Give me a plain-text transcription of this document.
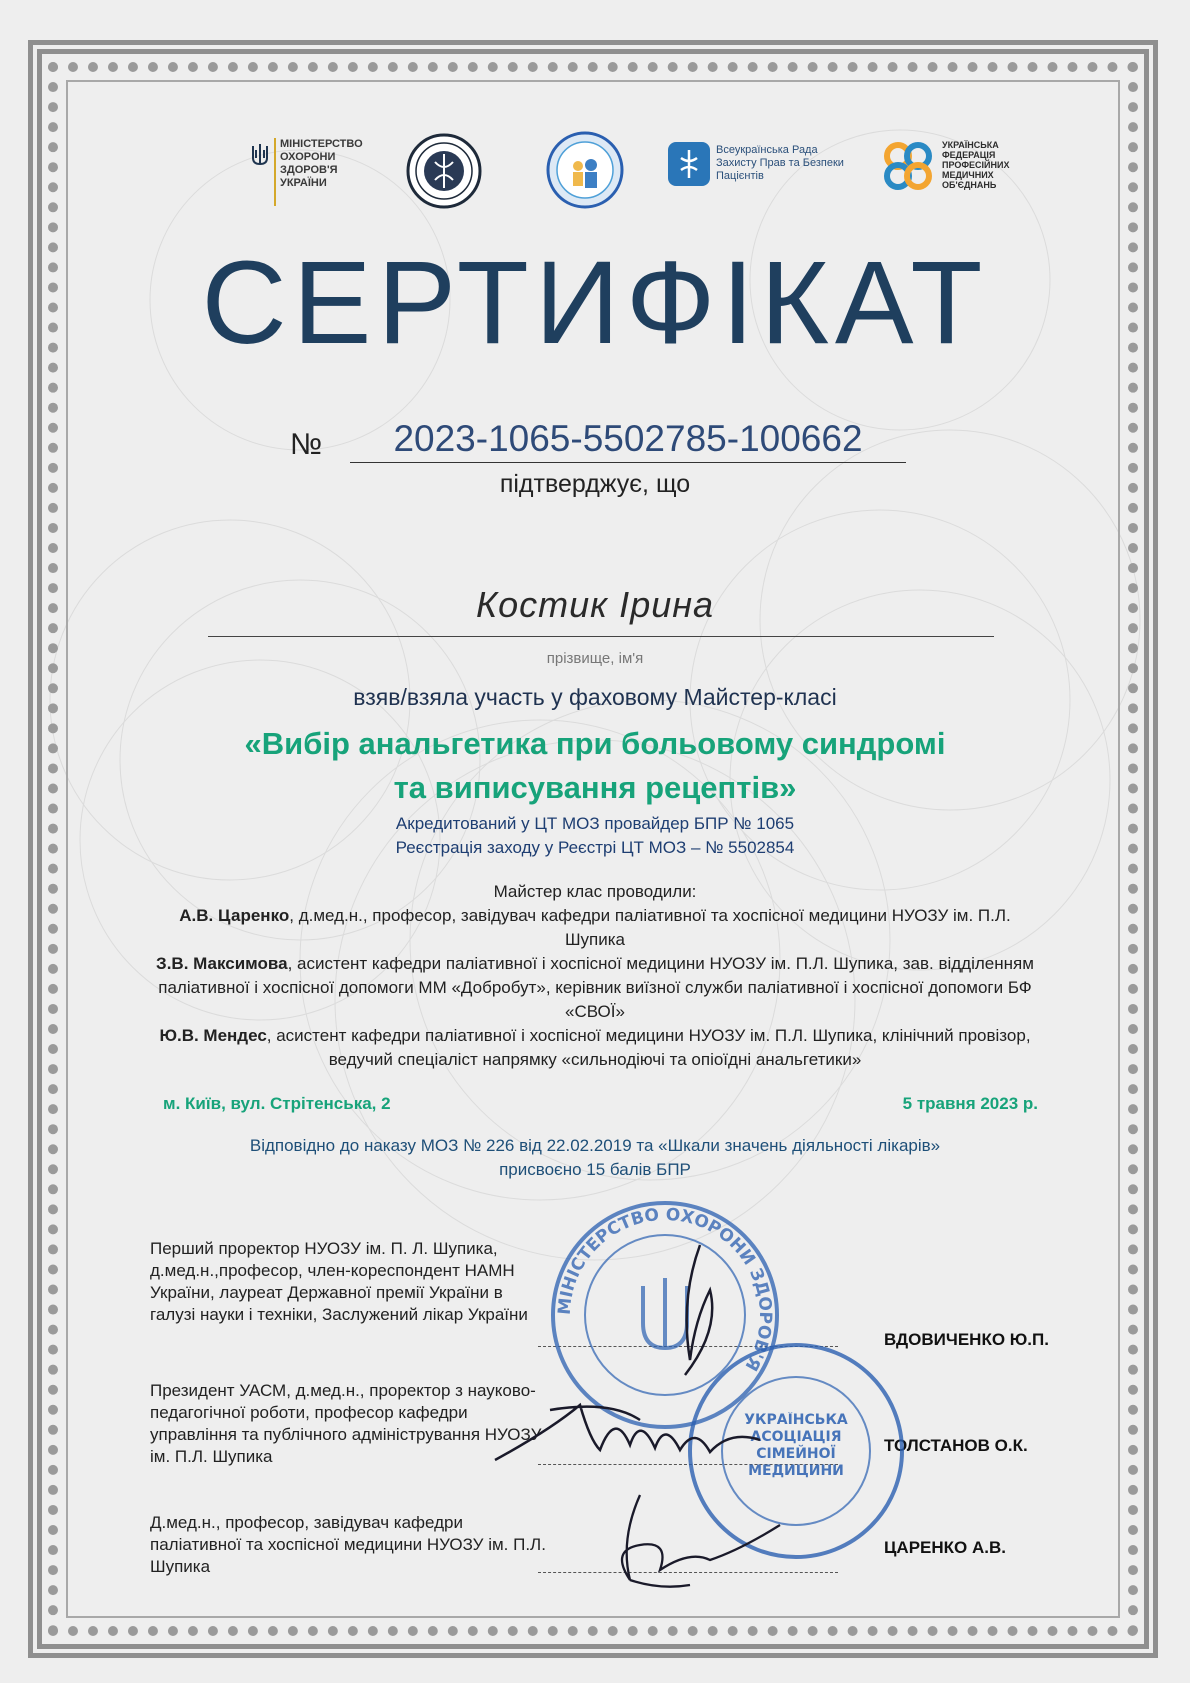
МІНІСТЕРСТВО ОХОРОНИ ЗДОРОВ'Я УКРАЇНИ
Всеукраїнська Рада Захисту Прав та Безпеки Пацієнтів
УКРАЇНСЬКА ФЕДЕРАЦІЯ ПРОФЕСІЙНИХ МЕДИЧНИХ ОБ'ЄДНАНЬ
СЕРТИФІКАТ
№	2023-1065-5502785-100662
підтверджує, що
Костик Ірина
прізвище, ім'я
взяв/взяла участь у фаховому Майстер-класі
«Вибір анальгетика при больовому синдромі
та виписування рецептів»
Акредитований у ЦТ МОЗ провайдер БПР № 1065
Реєстрація заходу у Реєстрі ЦТ МОЗ – № 5502854
Майстер клас проводили:
А.В. Царенко, д.мед.н., професор, завідувач кафедри паліативної та хоспісної медицини НУОЗУ ім. П.Л. Шупика
З.В. Максимова, асистент кафедри паліативної і хоспісної медицини НУОЗУ ім. П.Л. Шупика, зав. відділенням паліативної і хоспісної допомоги ММ «Добробут», керівник виїзної служби паліативної і хоспісної допомоги БФ «СВОЇ»
Ю.В. Мендес, асистент кафедри паліативної і хоспісної медицини НУОЗУ ім. П.Л. Шупика, клінічний провізор, ведучий спеціаліст напрямку «сильнодіючі та опіоїдні анальгетики»
м. Київ, вул. Стрітенська, 2	5 травня 2023 р.
Відповідно до наказу МОЗ № 226 від 22.02.2019 та «Шкали значень діяльності лікарів»
присвоєно 15 балів БПР
Перший проректор НУОЗУ ім. П. Л. Шупика, д.мед.н.,професор, член-кореспондент НАМН України, лауреат Державної премії України в галузі науки і техніки, Заслужений лікар України
ВДОВИЧЕНКО Ю.П.
Президент УАСМ, д.мед.н., проректор з науково-педагогічної роботи, професор кафедри управління та публічного адміністрування НУОЗУ ім. П.Л. Шупика
ТОЛСТАНОВ О.К.
Д.мед.н., професор, завідувач кафедри паліативної та хоспісної медицини НУОЗУ ім. П.Л. Шупика
ЦАРЕНКО А.В.
МІНІСТЕРСТВО ОХОРОНИ ЗДОРОВ'Я
УКРАЇНСЬКА АСОЦІАЦІЯ СІМЕЙНОЇ МЕДИЦИНИ
